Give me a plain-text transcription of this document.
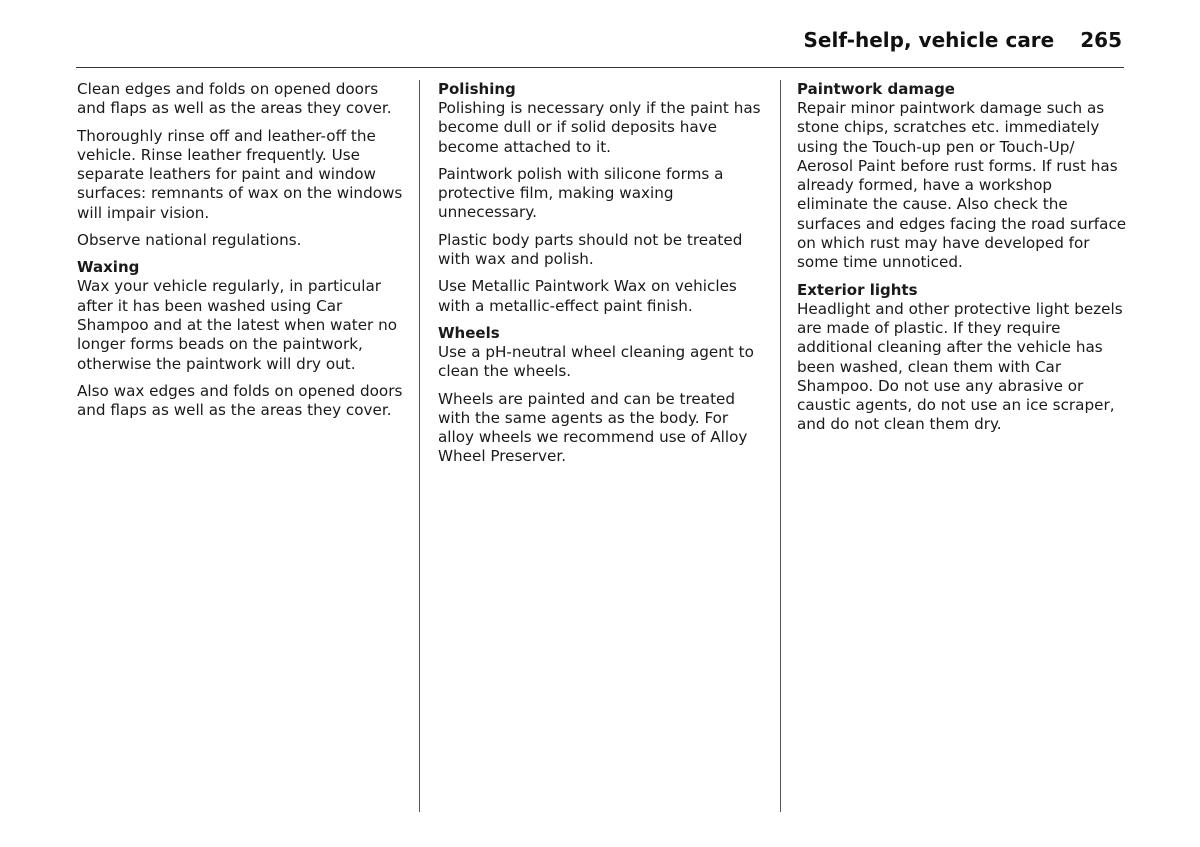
Self-help, vehicle care 265

Clean edges and folds on opened doors and flaps as well as the areas they cover.

Thoroughly rinse off and leather-off the vehicle. Rinse leather frequently. Use separate leathers for paint and window surfaces: remnants of wax on the windows will impair vision.

Observe national regulations.

Waxing

Wax your vehicle regularly, in particular after it has been washed using Car Shampoo and at the latest when water no longer forms beads on the paintwork, otherwise the paintwork will dry out.

Also wax edges and folds on opened doors and flaps as well as the areas they cover.

Polishing

Polishing is necessary only if the paint has become dull or if solid deposits have become attached to it.

Paintwork polish with silicone forms a protective film, making waxing unnecessary.

Plastic body parts should not be treated with wax and polish.

Use Metallic Paintwork Wax on vehicles with a metallic-effect paint finish.

Wheels

Use a pH-neutral wheel cleaning agent to clean the wheels.

Wheels are painted and can be treated with the same agents as the body. For alloy wheels we recommend use of Alloy Wheel Preserver.

Paintwork damage

Repair minor paintwork damage such as stone chips, scratches etc. immediately using the Touch-up pen or Touch-Up/ Aerosol Paint before rust forms. If rust has already formed, have a workshop eliminate the cause. Also check the surfaces and edges facing the road surface on which rust may have developed for some time unnoticed.

Exterior lights

Headlight and other protective light bezels are made of plastic. If they require additional cleaning after the vehicle has been washed, clean them with Car Shampoo. Do not use any abrasive or caustic agents, do not use an ice scraper, and do not clean them dry.
